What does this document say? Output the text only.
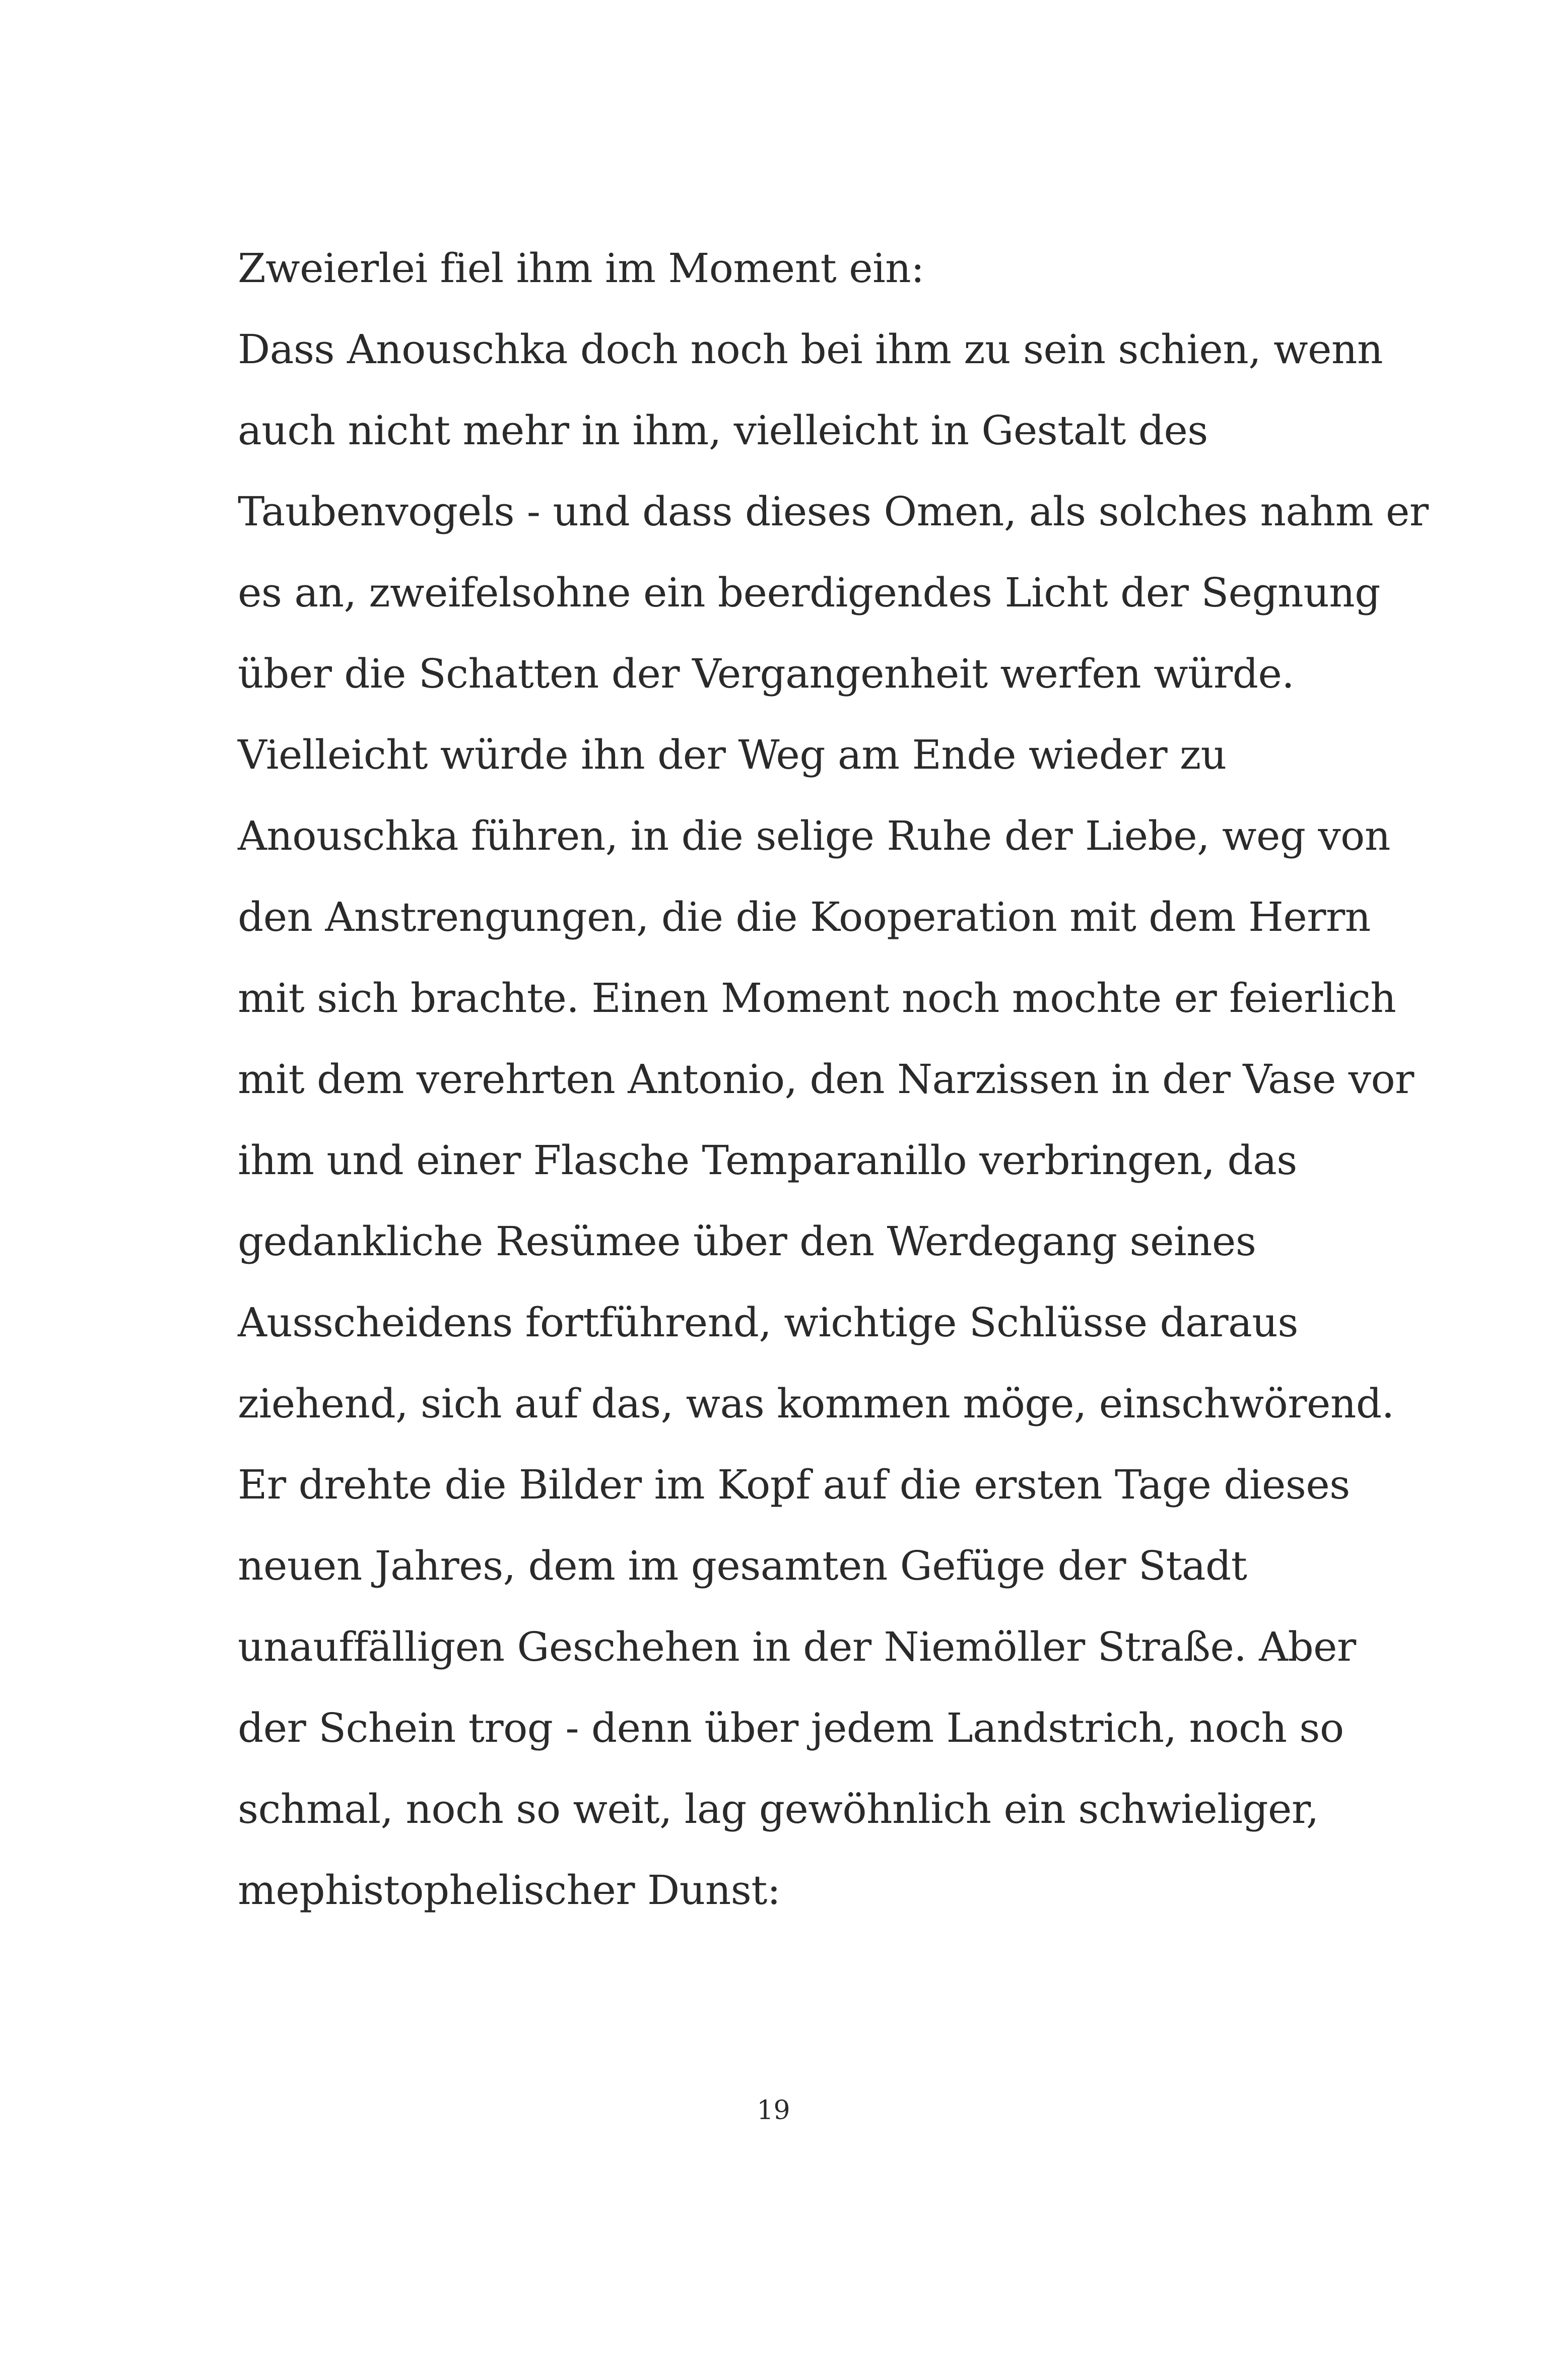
Zweierlei fiel ihm im Moment ein:
Dass Anouschka doch noch bei ihm zu sein schien, wenn
auch nicht mehr in ihm, vielleicht in Gestalt des
Taubenvogels - und dass dieses Omen, als solches nahm er
es an, zweifelsohne ein beerdigendes Licht der Segnung
über die Schatten der Vergangenheit werfen würde.
Vielleicht würde ihn der Weg am Ende wieder zu
Anouschka führen, in die selige Ruhe der Liebe, weg von
den Anstrengungen, die die Kooperation mit dem Herrn
mit sich brachte. Einen Moment noch mochte er feierlich
mit dem verehrten Antonio, den Narzissen in der Vase vor
ihm und einer Flasche Temparanillo verbringen, das
gedankliche Resümee über den Werdegang seines
Ausscheidens fortführend, wichtige Schlüsse daraus
ziehend, sich auf das, was kommen möge, einschwörend.
Er drehte die Bilder im Kopf auf die ersten Tage dieses
neuen Jahres, dem im gesamten Gefüge der Stadt
unauffälligen Geschehen in der Niemöller Straße. Aber
der Schein trog - denn über jedem Landstrich, noch so
schmal, noch so weit, lag gewöhnlich ein schwieliger,
mephistophelischer Dunst:
19
